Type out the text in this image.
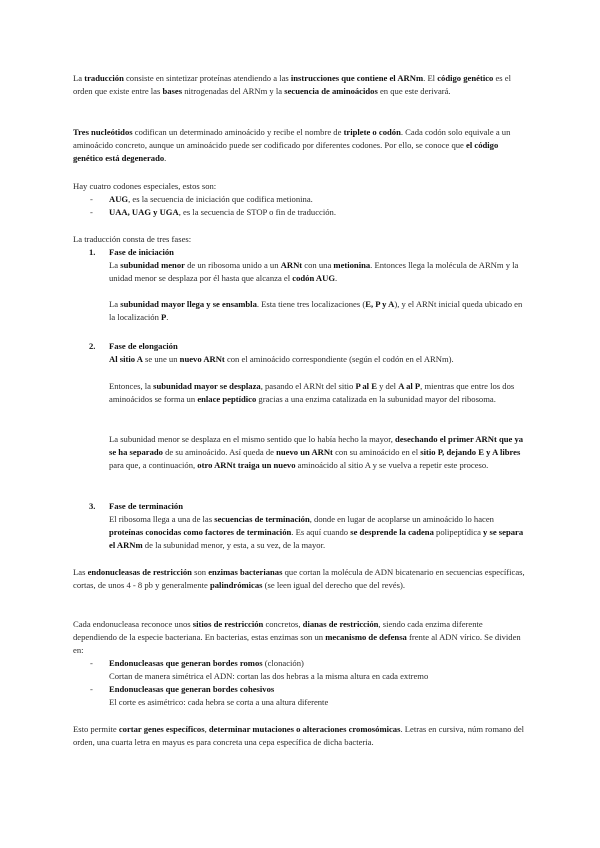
La traducción consiste en sintetizar proteínas atendiendo a las instrucciones que contiene el ARNm. El código genético es el orden que existe entre las bases nitrogenadas del ARNm y la secuencia de aminoácidos en que este derivará.

Tres nucleótidos codifican un determinado aminoácido y recibe el nombre de triplete o codón. Cada codón solo equivale a un aminoácido concreto, aunque un aminoácido puede ser codificado por diferentes codones. Por ello, se conoce que el código genético está degenerado.

Hay cuatro codones especiales, estos son:

-	AUG, es la secuencia de iniciación que codifica metionina.

-	UAA, UAG y UGA, es la secuencia de STOP o fin de traducción.

La traducción consta de tres fases:

1. Fase de iniciación

La subunidad menor de un ribosoma unido a un ARNt con una metionina. Entonces llega la molécula de ARNm y la unidad menor se desplaza por él hasta que alcanza el codón AUG.

La subunidad mayor llega y se ensambla. Esta tiene tres localizaciones (E, P y A), y el ARNt inicial queda ubicado en la localización P.

2. Fase de elongación

Al sitio A se une un nuevo ARNt con el aminoácido correspondiente (según el codón en el ARNm).

Entonces, la subunidad mayor se desplaza, pasando el ARNt del sitio P al E y del A al P, mientras que entre los dos aminoácidos se forma un enlace peptídico gracias a una enzima catalizada en la subunidad mayor del ribosoma.

La subunidad menor se desplaza en el mismo sentido que lo había hecho la mayor, desechando el primer ARNt que ya se ha separado de su aminoácido. Así queda de nuevo un ARNt con su aminoácido en el sitio P, dejando E y A libres para que, a continuación, otro ARNt traiga un nuevo aminoácido al sitio A y se vuelva a repetir este proceso.

3. Fase de terminación

El ribosoma llega a una de las secuencias de terminación, donde en lugar de acoplarse un aminoácido lo hacen proteínas conocidas como factores de terminación. Es aquí cuando se desprende la cadena polipeptídica y se separa el ARNm de la subunidad menor, y esta, a su vez, de la mayor.

Las endonucleasas de restricción son enzimas bacterianas que cortan la molécula de ADN bicatenario en secuencias específicas, cortas, de unos 4 - 8 pb y generalmente palindrómicas (se leen igual del derecho que del revés).

Cada endonucleasa reconoce unos sitios de restricción concretos, dianas de restricción, siendo cada enzima diferente dependiendo de la especie bacteriana. En bacterias, estas enzimas son un mecanismo de defensa frente al ADN vírico. Se dividen en:

-	Endonucleasas que generan bordes romos (clonación)

Cortan de manera simétrica el ADN: cortan las dos hebras a la misma altura en cada extremo

-	Endonucleasas que generan bordes cohesivos

El corte es asimétrico: cada hebra se corta a una altura diferente

Esto permite cortar genes específicos, determinar mutaciones o alteraciones cromosómicas. Letras en cursiva, núm romano del orden, una cuarta letra en mayus es para concreta una cepa específica de dicha bacteria.
